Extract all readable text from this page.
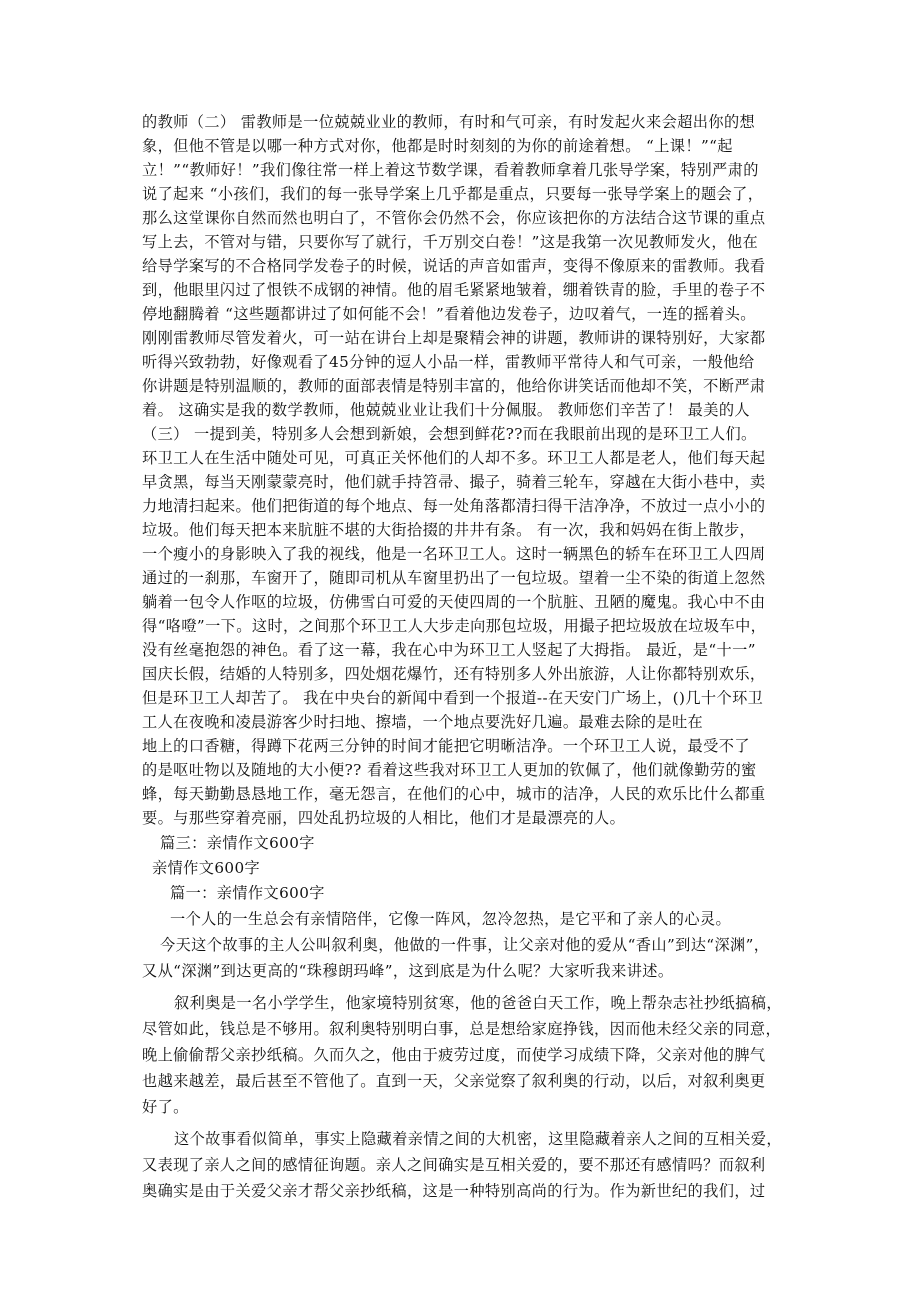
的教师（二） 雷教师是一位兢兢业业的教师，有时和气可亲，有时发起火来会超出你的想
象，但他不管是以哪一种方式对你，他都是时时刻刻的为你的前途着想。 “上课！”“起
立！”“教师好！”我们像往常一样上着这节数学课，看着教师拿着几张导学案，特别严肃的
说了起来 “小孩们，我们的每一张导学案上几乎都是重点，只要每一张导学案上的题会了，
那么这堂课你自然而然也明白了，不管你会仍然不会，你应该把你的方法结合这节课的重点
写上去，不管对与错，只要你写了就行，千万别交白卷！”这是我第一次见教师发火，他在
给导学案写的不合格同学发卷子的时候，说话的声音如雷声，变得不像原来的雷教师。我看
到，他眼里闪过了恨铁不成钢的神情。他的眉毛紧紧地皱着，绷着铁青的脸，手里的卷子不
停地翻腾着 “这些题都讲过了如何能不会！”看着他边发卷子，边叹着气，一连的摇着头。
刚刚雷教师尽管发着火，可一站在讲台上却是聚精会神的讲题，教师讲的课特别好，大家都
听得兴致勃勃，好像观看了45分钟的逗人小品一样，雷教师平常待人和气可亲，一般他给
你讲题是特别温顺的，教师的面部表情是特别丰富的，他给你讲笑话而他却不笑，不断严肃
着。 这确实是我的数学教师，他兢兢业业让我们十分佩服。 教师您们辛苦了！ 最美的人
（三） 一提到美，特别多人会想到新娘，会想到鲜花??而在我眼前出现的是环卫工人们。
环卫工人在生活中随处可见，可真正关怀他们的人却不多。环卫工人都是老人，他们每天起
早贪黑，每当天刚蒙蒙亮时，他们就手持笤帚、撮子，骑着三轮车，穿越在大街小巷中，卖
力地清扫起来。他们把街道的每个地点、每一处角落都清扫得干洁净净，不放过一点小小的
垃圾。他们每天把本来肮脏不堪的大街拾掇的井井有条。 有一次，我和妈妈在街上散步，
一个瘦小的身影映入了我的视线，他是一名环卫工人。这时一辆黑色的轿车在环卫工人四周
通过的一刹那，车窗开了，随即司机从车窗里扔出了一包垃圾。望着一尘不染的街道上忽然
躺着一包令人作呕的垃圾，仿佛雪白可爱的天使四周的一个肮脏、丑陋的魔鬼。我心中不由
得“咯噔”一下。这时，之间那个环卫工人大步走向那包垃圾，用撮子把垃圾放在垃圾车中，
没有丝毫抱怨的神色。看了这一幕，我在心中为环卫工人竖起了大拇指。 最近，是“十一”
国庆长假，结婚的人特别多，四处烟花爆竹，还有特别多人外出旅游，人让你都特别欢乐，
但是环卫工人却苦了。 我在中央台的新闻中看到一个报道--在天安门广场上，()几十个环卫
工人在夜晚和凌晨游客少时扫地、擦墙，一个地点要洗好几遍。最难去除的是吐在
地上的口香糖，得蹲下花两三分钟的时间才能把它明晰洁净。一个环卫工人说，最受不了
的是呕吐物以及随地的大小便?? 看着这些我对环卫工人更加的钦佩了，他们就像勤劳的蜜
蜂，每天勤勤恳恳地工作，毫无怨言，在他们的心中，城市的洁净，人民的欢乐比什么都重
要。与那些穿着亮丽，四处乱扔垃圾的人相比，他们才是最漂亮的人。
篇三：亲情作文600字
亲情作文600字
篇一：亲情作文600字
一个人的一生总会有亲情陪伴，它像一阵风，忽冷忽热，是它平和了亲人的心灵。
今天这个故事的主人公叫叙利奥，他做的一件事，让父亲对他的爱从“香山”到达“深渊”，
又从“深渊”到达更高的“珠穆朗玛峰”，这到底是为什么呢？大家听我来讲述。
叙利奥是一名小学学生，他家境特别贫寒，他的爸爸白天工作，晚上帮杂志社抄纸搞稿，
尽管如此，钱总是不够用。叙利奥特别明白事，总是想给家庭挣钱，因而他未经父亲的同意，
晚上偷偷帮父亲抄纸稿。久而久之，他由于疲劳过度，而使学习成绩下降，父亲对他的脾气
也越来越差，最后甚至不管他了。直到一天，父亲觉察了叙利奥的行动，以后，对叙利奥更
好了。
这个故事看似简单，事实上隐藏着亲情之间的大机密，这里隐藏着亲人之间的互相关爱，
又表现了亲人之间的感情征询题。亲人之间确实是互相关爱的，要不那还有感情吗？而叙利
奥确实是由于关爱父亲才帮父亲抄纸稿，这是一种特别高尚的行为。作为新世纪的我们，过
